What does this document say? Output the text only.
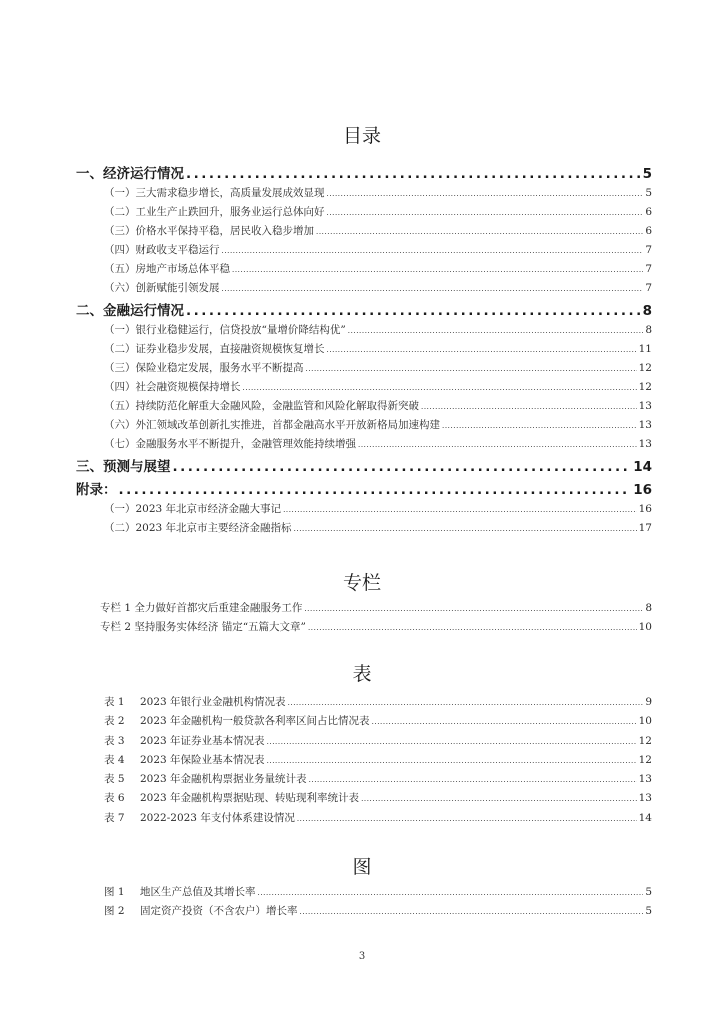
目录
一、经济运行情况 .....	5
（一）三大需求稳步增长，高质量发展成效显现 .....	5
（二）工业生产止跌回升，服务业运行总体向好 .....	6
（三）价格水平保持平稳，居民收入稳步增加 .....	6
（四）财政收支平稳运行 .....	7
（五）房地产市场总体平稳 .....	7
（六）创新赋能引领发展 .....	7
二、金融运行情况 .....	8
（一）银行业稳健运行，信贷投放“量增价降结构优” .....	8
（二）证券业稳步发展，直接融资规模恢复增长 .....	11
（三）保险业稳定发展，服务水平不断提高 .....	12
（四）社会融资规模保持增长 .....	12
（五）持续防范化解重大金融风险，金融监管和风险化解取得新突破 .....	13
（六）外汇领域改革创新扎实推进，首都金融高水平开放新格局加速构建 .....	13
（七）金融服务水平不断提升，金融管理效能持续增强 .....	13
三、预测与展望 .....	14
附录： .....	16
（一）2023 年北京市经济金融大事记 .....	16
（二）2023 年北京市主要经济金融指标 .....	17
专栏
专栏 1 全力做好首都灾后重建金融服务工作 .....	8
专栏 2 坚持服务实体经济 锚定“五篇大文章” .....	10
表
表 1 2023 年银行业金融机构情况表 .....	9
表 2 2023 年金融机构一般贷款各利率区间占比情况表 .....	10
表 3 2023 年证券业基本情况表 .....	12
表 4 2023 年保险业基本情况表 .....	12
表 5 2023 年金融机构票据业务量统计表 .....	13
表 6 2023 年金融机构票据贴现、转贴现利率统计表 .....	13
表 7 2022-2023 年支付体系建设情况 .....	14
图
图 1 地区生产总值及其增长率 .....	5
图 2 固定资产投资（不含农户）增长率 .....	5
3
